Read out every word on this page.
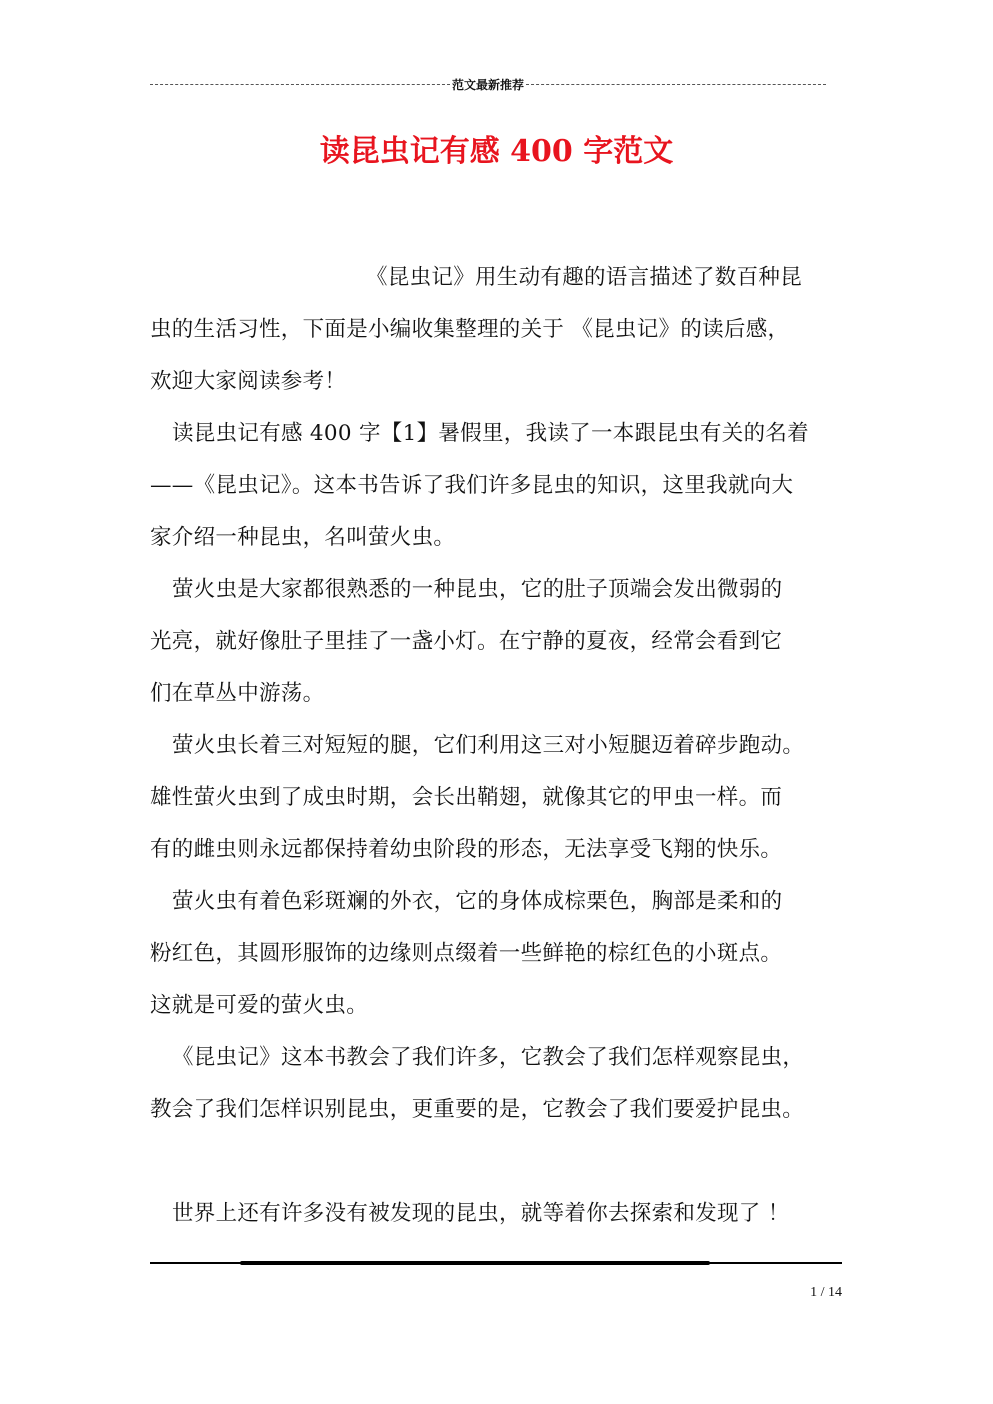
范文最新推荐
读昆虫记有感 400 字范文
《昆虫记》用生动有趣的语言描述了数百种昆
虫的生活习性，下面是小编收集整理的关于 《昆虫记》的读后感，
欢迎大家阅读参考！
读昆虫记有感 400 字【1】暑假里，我读了一本跟昆虫有关的名着
——《昆虫记》。这本书告诉了我们许多昆虫的知识，这里我就向大
家介绍一种昆虫，名叫萤火虫。
萤火虫是大家都很熟悉的一种昆虫，它的肚子顶端会发出微弱的
光亮，就好像肚子里挂了一盏小灯。在宁静的夏夜，经常会看到它
们在草丛中游荡。
萤火虫长着三对短短的腿，它们利用这三对小短腿迈着碎步跑动。
雄性萤火虫到了成虫时期，会长出鞘翅，就像其它的甲虫一样。而
有的雌虫则永远都保持着幼虫阶段的形态，无法享受飞翔的快乐。
萤火虫有着色彩斑斓的外衣，它的身体成棕栗色，胸部是柔和的
粉红色，其圆形服饰的边缘则点缀着一些鲜艳的棕红色的小斑点。
这就是可爱的萤火虫。
《昆虫记》这本书教会了我们许多，它教会了我们怎样观察昆虫，
教会了我们怎样识别昆虫，更重要的是，它教会了我们要爱护昆虫。
世界上还有许多没有被发现的昆虫，就等着你去探索和发现了 ！
1 / 14
